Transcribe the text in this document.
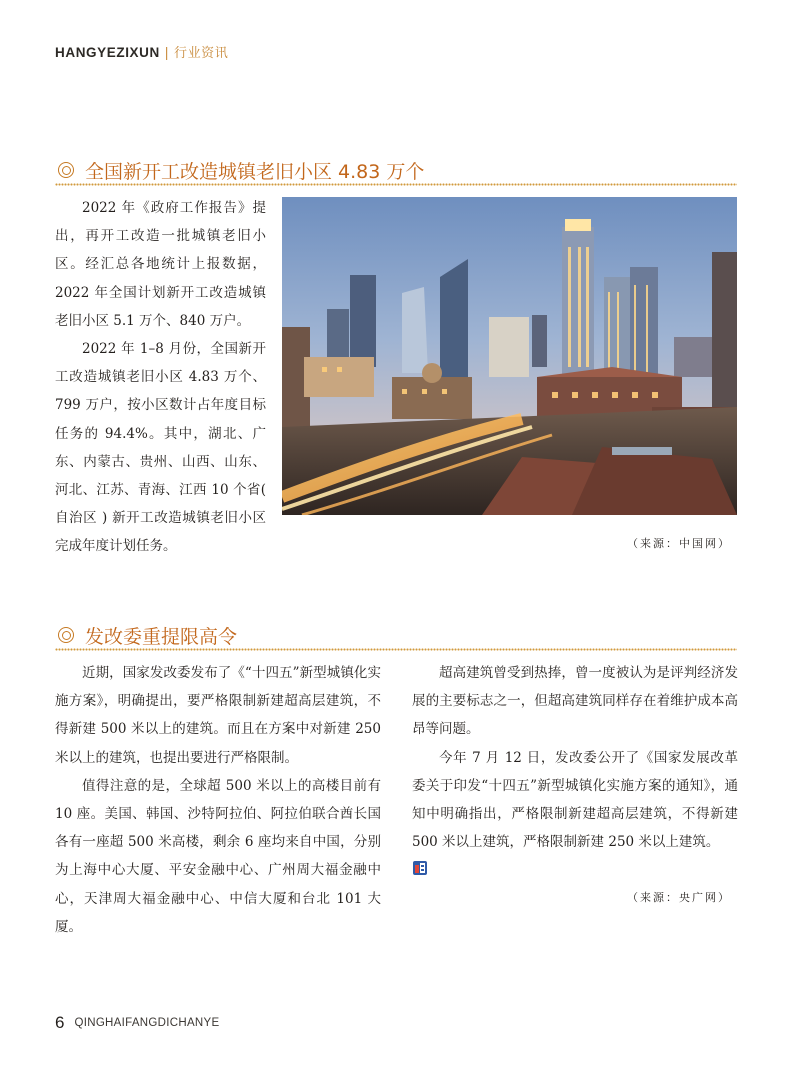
HANGYEZIXUN | 行业资讯
全国新开工改造城镇老旧小区 4.83 万个

2022 年《政府工作报告》提出，再开工改造一批城镇老旧小区。经汇总各地统计上报数据，2022 年全国计划新开工改造城镇老旧小区 5.1 万个、840 万户。

2022 年 1–8 月份，全国新开工改造城镇老旧小区 4.83 万个、799 万户，按小区数计占年度目标任务的 94.4%。其中，湖北、广东、内蒙古、贵州、山西、山东、河北、江苏、青海、江西 10 个省( 自治区 ) 新开工改造城镇老旧小区完成年度计划任务。	（来源：中国网）
发改委重提限高令

近期，国家发改委发布了《“十四五”新型城镇化实施方案》，明确提出，要严格限制新建超高层建筑，不得新建 500 米以上的建筑。而且在方案中对新建 250 米以上的建筑，也提出要进行严格限制。

值得注意的是，全球超 500 米以上的高楼目前有 10 座。美国、韩国、沙特阿拉伯、阿拉伯联合酋长国各有一座超 500 米高楼，剩余 6 座均来自中国，分别为上海中心大厦、平安金融中心、广州周大福金融中心，天津周大福金融中心、中信大厦和台北 101 大厦。

超高建筑曾受到热捧，曾一度被认为是评判经济发展的主要标志之一，但超高建筑同样存在着维护成本高昂等问题。

今年 7 月 12 日，发改委公开了《国家发展改革委关于印发“十四五”新型城镇化实施方案的通知》，通知中明确指出，严格限制新建超高层建筑，不得新建 500 米以上建筑，严格限制新建 250 米以上建筑。

（来源：央广网）
6 QINGHAIFANGDICHANYE
